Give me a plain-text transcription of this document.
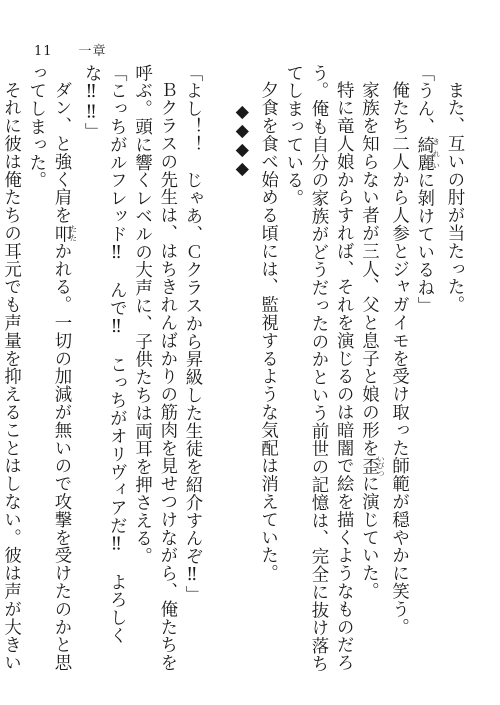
11 一章

また、互いの肘が当たった。

「うん、綺麗きれいに剝けているね」

俺たち二人から人参とジャガイモを受け取った師範が穏やかに笑う。

家族を知らない者が三人、父と息子と娘の形を歪いびつに演じていた。

特に竜人娘からすれば、それを演じるのは暗闇で絵を描くようなものだろう。俺も自分の家族がどうだったのかという前世の記憶は、完全に抜け落ちてしまっている。

夕食を食べ始める頃には、監視するような気配は消えていた。

◆◆◆◆

「よし！！　じゃあ、Ｃクラスから昇級した生徒を紹介すんぞ‼」

Ｂクラスの先生は、はちきれんばかりの筋肉を見せつけながら、俺たちを呼ぶ。頭に響くレベルの大声に、子供たちは両耳を押さえる。

「こっちがルフレッド‼　んで‼　こっちがオリヴィアだ‼　よろしくな‼‼」

ダン、と強く肩を叩たたかれる。一切の加減が無いので攻撃を受けたのかと思ってしまった。

それに彼は俺たちの耳元でも声量を抑えることはしない。彼は声が大きい
